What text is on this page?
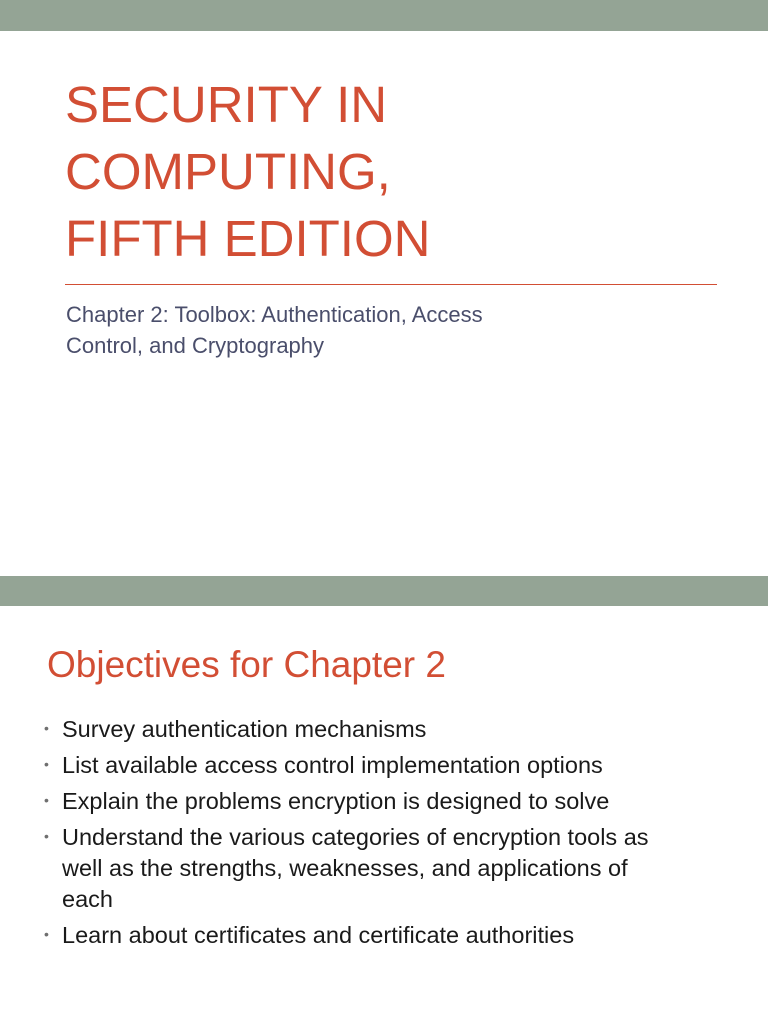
SECURITY IN
COMPUTING,
FIFTH EDITION
Chapter 2: Toolbox: Authentication, Access
Control, and Cryptography
Objectives for Chapter 2
• Survey authentication mechanisms
• List available access control implementation options
• Explain the problems encryption is designed to solve
• Understand the various categories of encryption tools as
well as the strengths, weaknesses, and applications of
each
• Learn about certificates and certificate authorities
